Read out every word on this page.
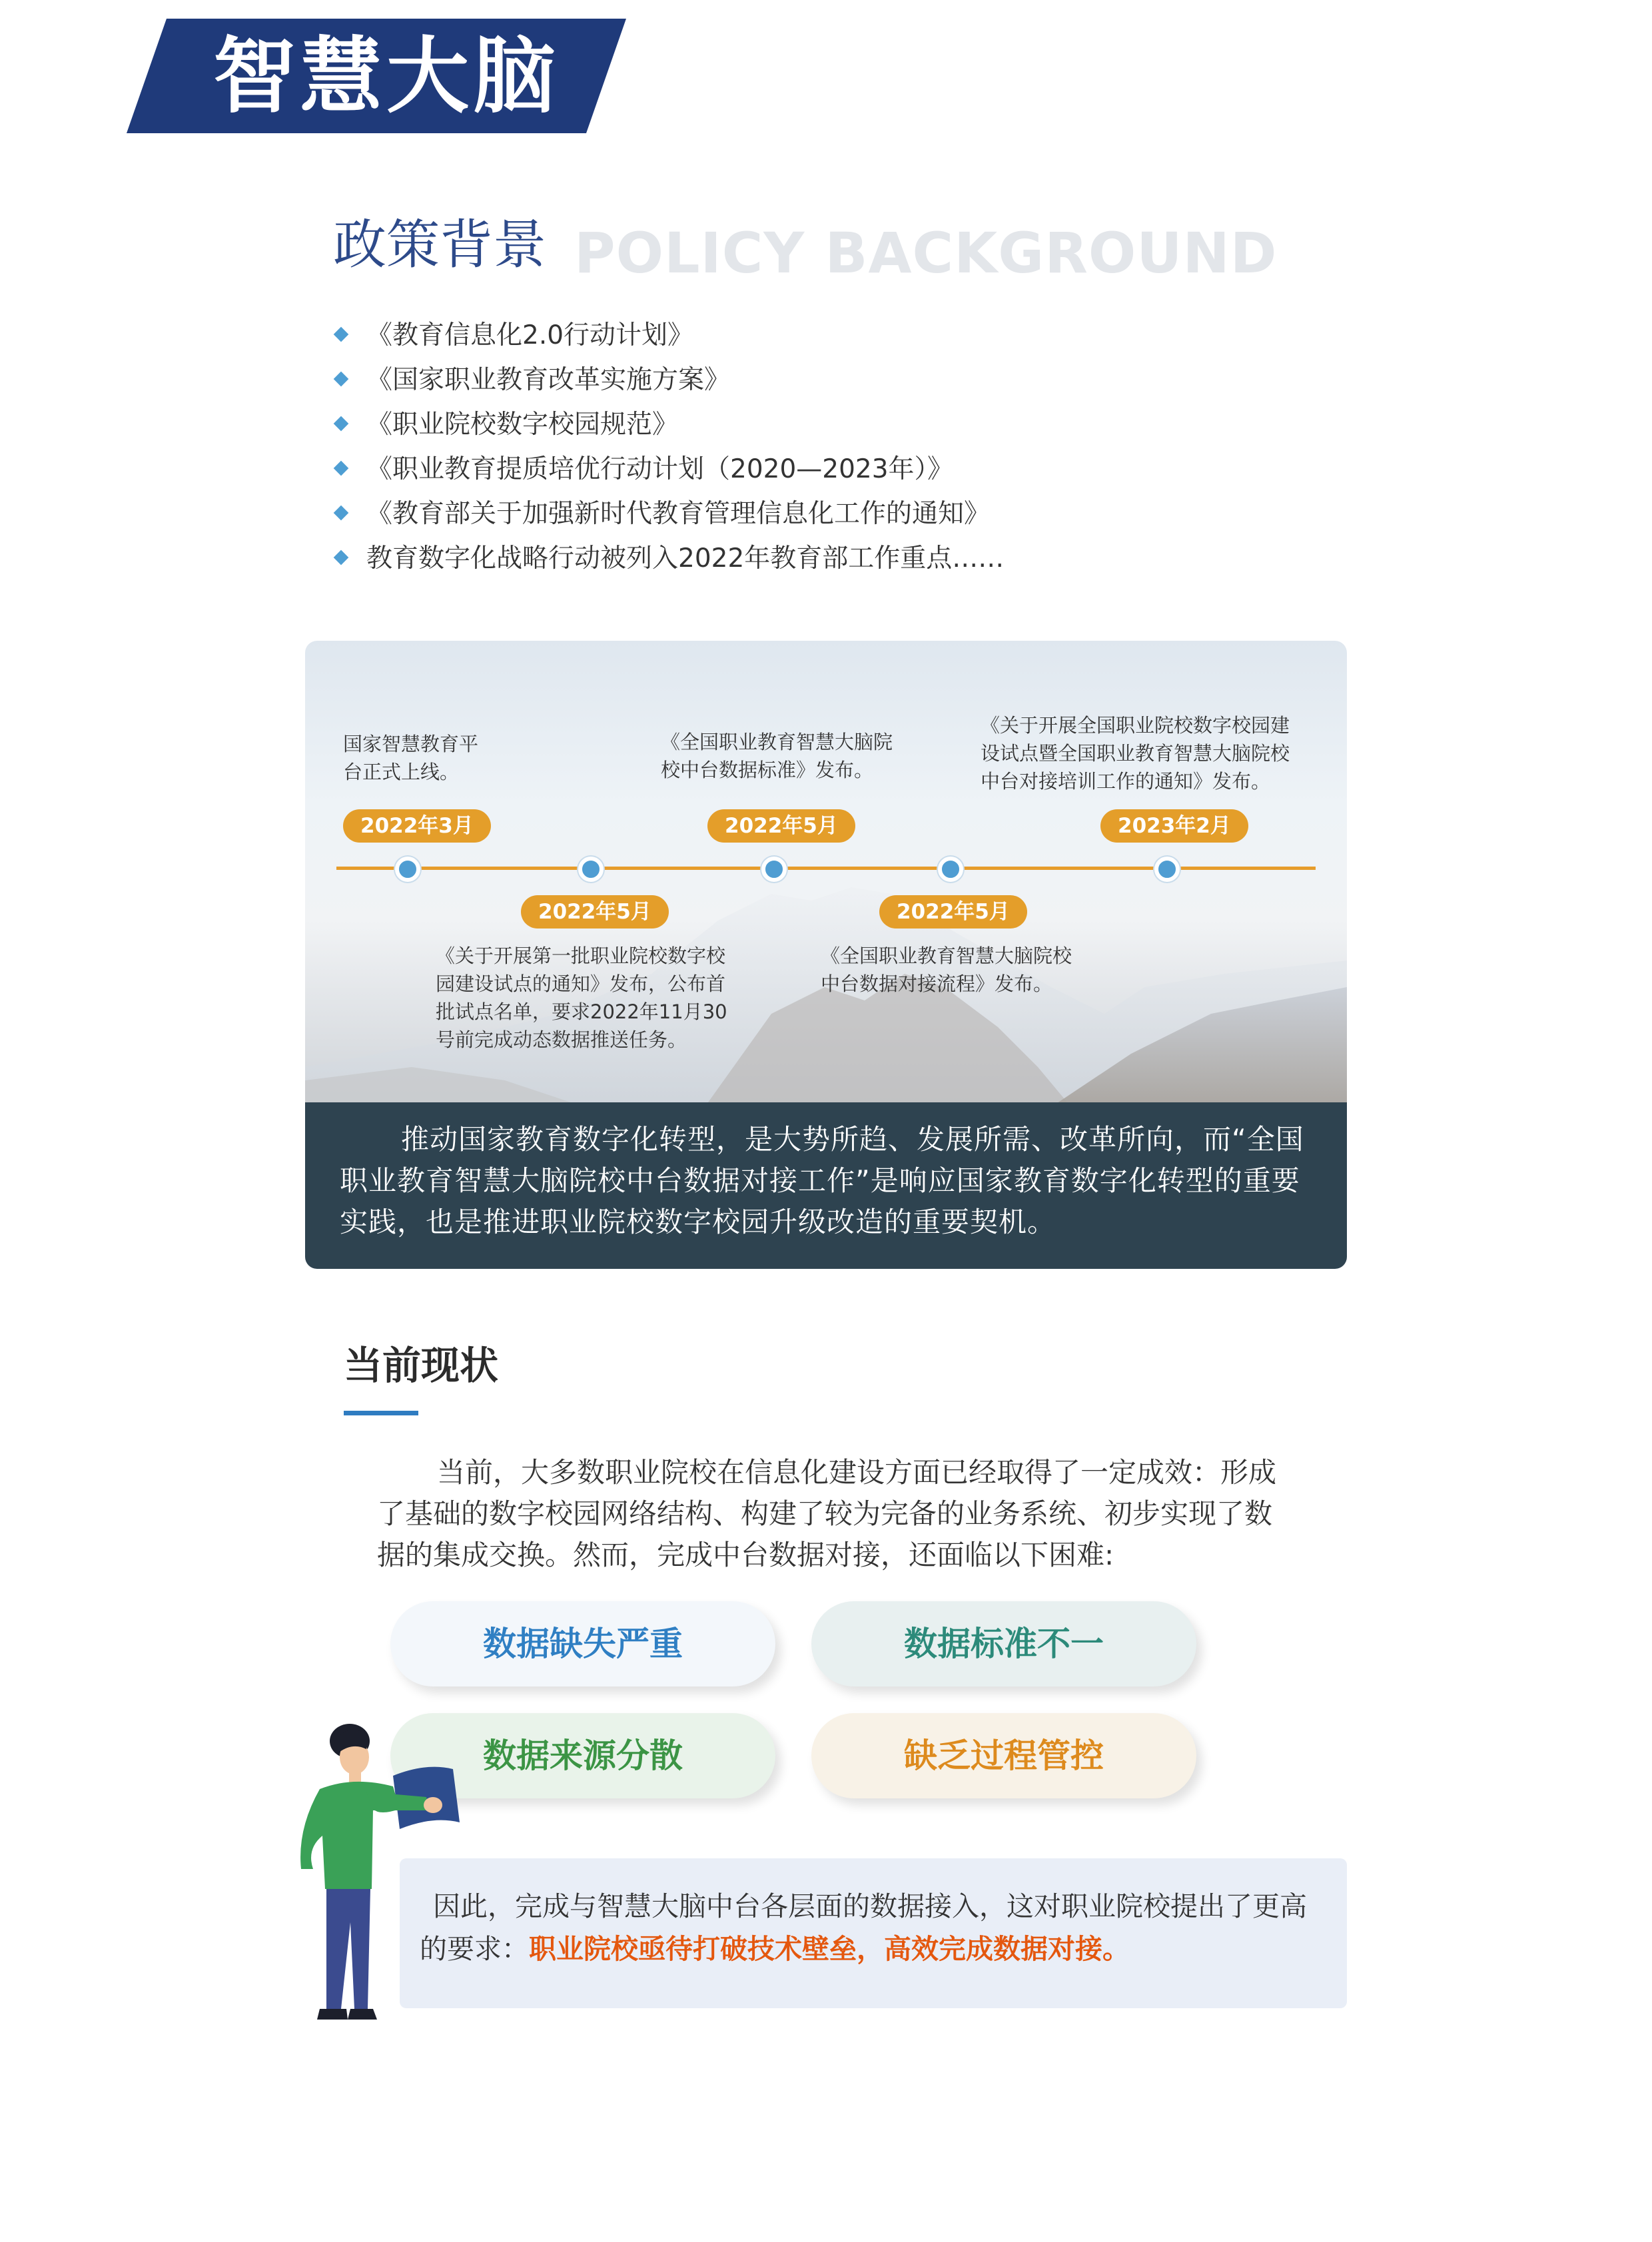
智慧大脑
政策背景 POLICY BACKGROUND
《教育信息化2.0行动计划》
《国家职业教育改革实施方案》
《职业院校数字校园规范》
《职业教育提质培优行动计划（2020—2023年）》
《教育部关于加强新时代教育管理信息化工作的通知》
教育数字化战略行动被列入2022年教育部工作重点……
国家智慧教育平
台正式上线。
2022年3月
2022年5月
《关于开展第一批职业院校数字校
园建设试点的通知》发布，公布首
批试点名单，要求2022年11月30
号前完成动态数据推送任务。
《全国职业教育智慧大脑院
校中台数据标准》发布。
2022年5月
2022年5月
《全国职业教育智慧大脑院校
中台数据对接流程》发布。
《关于开展全国职业院校数字校园建
设试点暨全国职业教育智慧大脑院校
中台对接培训工作的通知》发布。
2023年2月
推动国家教育数字化转型，是大势所趋、发展所需、改革所向，而“全国职业教育智慧大脑院校中台数据对接工作”是响应国家教育数字化转型的重要实践，也是推进职业院校数字校园升级改造的重要契机。
当前现状
当前，大多数职业院校在信息化建设方面已经取得了一定成效：形成了基础的数字校园网络结构、构建了较为完备的业务系统、初步实现了数据的集成交换。然而，完成中台数据对接，还面临以下困难:
数据缺失严重	数据标准不一
数据来源分散	缺乏过程管控
因此，完成与智慧大脑中台各层面的数据接入，这对职业院校提出了更高的要求：职业院校亟待打破技术壁垒，高效完成数据对接。
